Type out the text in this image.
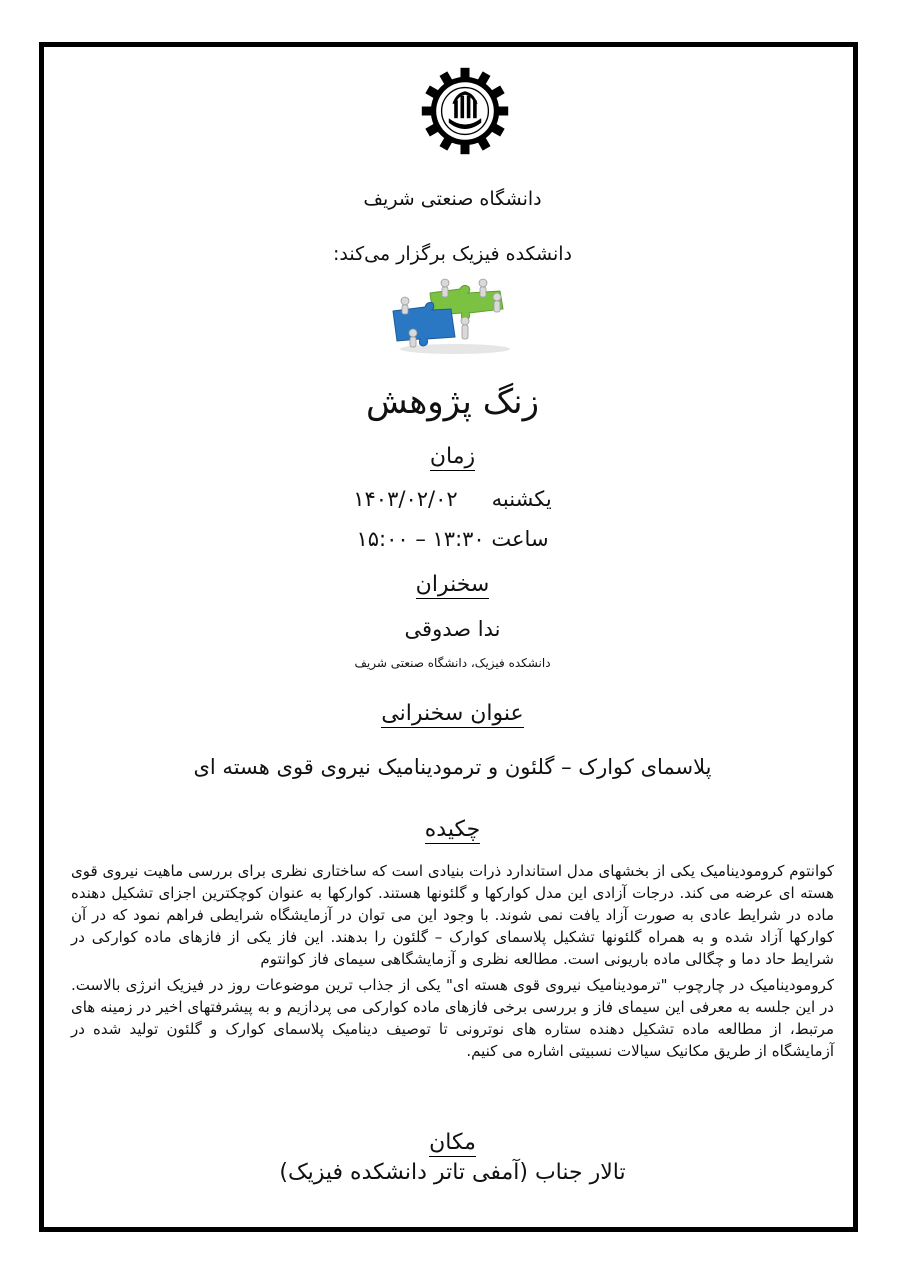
دانشگاه صنعتی شریف
دانشکده فیزیک برگزار می‌کند:
زنگ پژوهش
زمان
یکشنبه۱۴۰۳/۰۲/۰۲
ساعت ۱۳:۳۰ – ۱۵:۰۰
سخنران
ندا صدوقی
دانشکده فیزیک، دانشگاه صنعتی شریف
عنوان سخنرانی
پلاسمای کوارک – گلئون و ترمودینامیک نیروی قوی هسته ای
چکیده

کوانتوم کرومودینامیک یکی از بخشهای مدل استاندارد ذرات بنیادی است که ساختاری نظری برای بررسی ماهیت نیروی قوی هسته ای عرضه می کند. درجات آزادی این مدل کوارکها و گلئونها هستند. کوارکها به عنوان کوچکترین اجزای تشکیل دهنده ماده در شرایط عادی به صورت آزاد یافت نمی شوند. با وجود این می توان در آزمایشگاه شرایطی فراهم نمود که در آن کوارکها آزاد شده و به همراه گلئونها تشکیل پلاسمای کوارک – گلئون را بدهند. این فاز یکی از فازهای ماده کوارکی در شرایط حاد دما و چگالی ماده باریونی است. مطالعه نظری و آزمایشگاهی سیمای فاز کوانتوم

کرومودینامیک در چارچوب "ترمودینامیک نیروی قوی هسته ای" یکی از جذاب ترین موضوعات روز در فیزیک انرژی بالاست. در این جلسه به معرفی این سیمای فاز و بررسی برخی فازهای ماده کوارکی می پردازیم و به پیشرفتهای اخیر در زمینه های مرتبط، از مطالعه ماده تشکیل دهنده ستاره های نوترونی تا توصیف دینامیک پلاسمای کوارک و گلئون تولید شده در آزمایشگاه از طریق مکانیک سیالات نسبیتی اشاره می کنیم.

مکان
تالار جناب (آمفی تاتر دانشکده فیزیک)
